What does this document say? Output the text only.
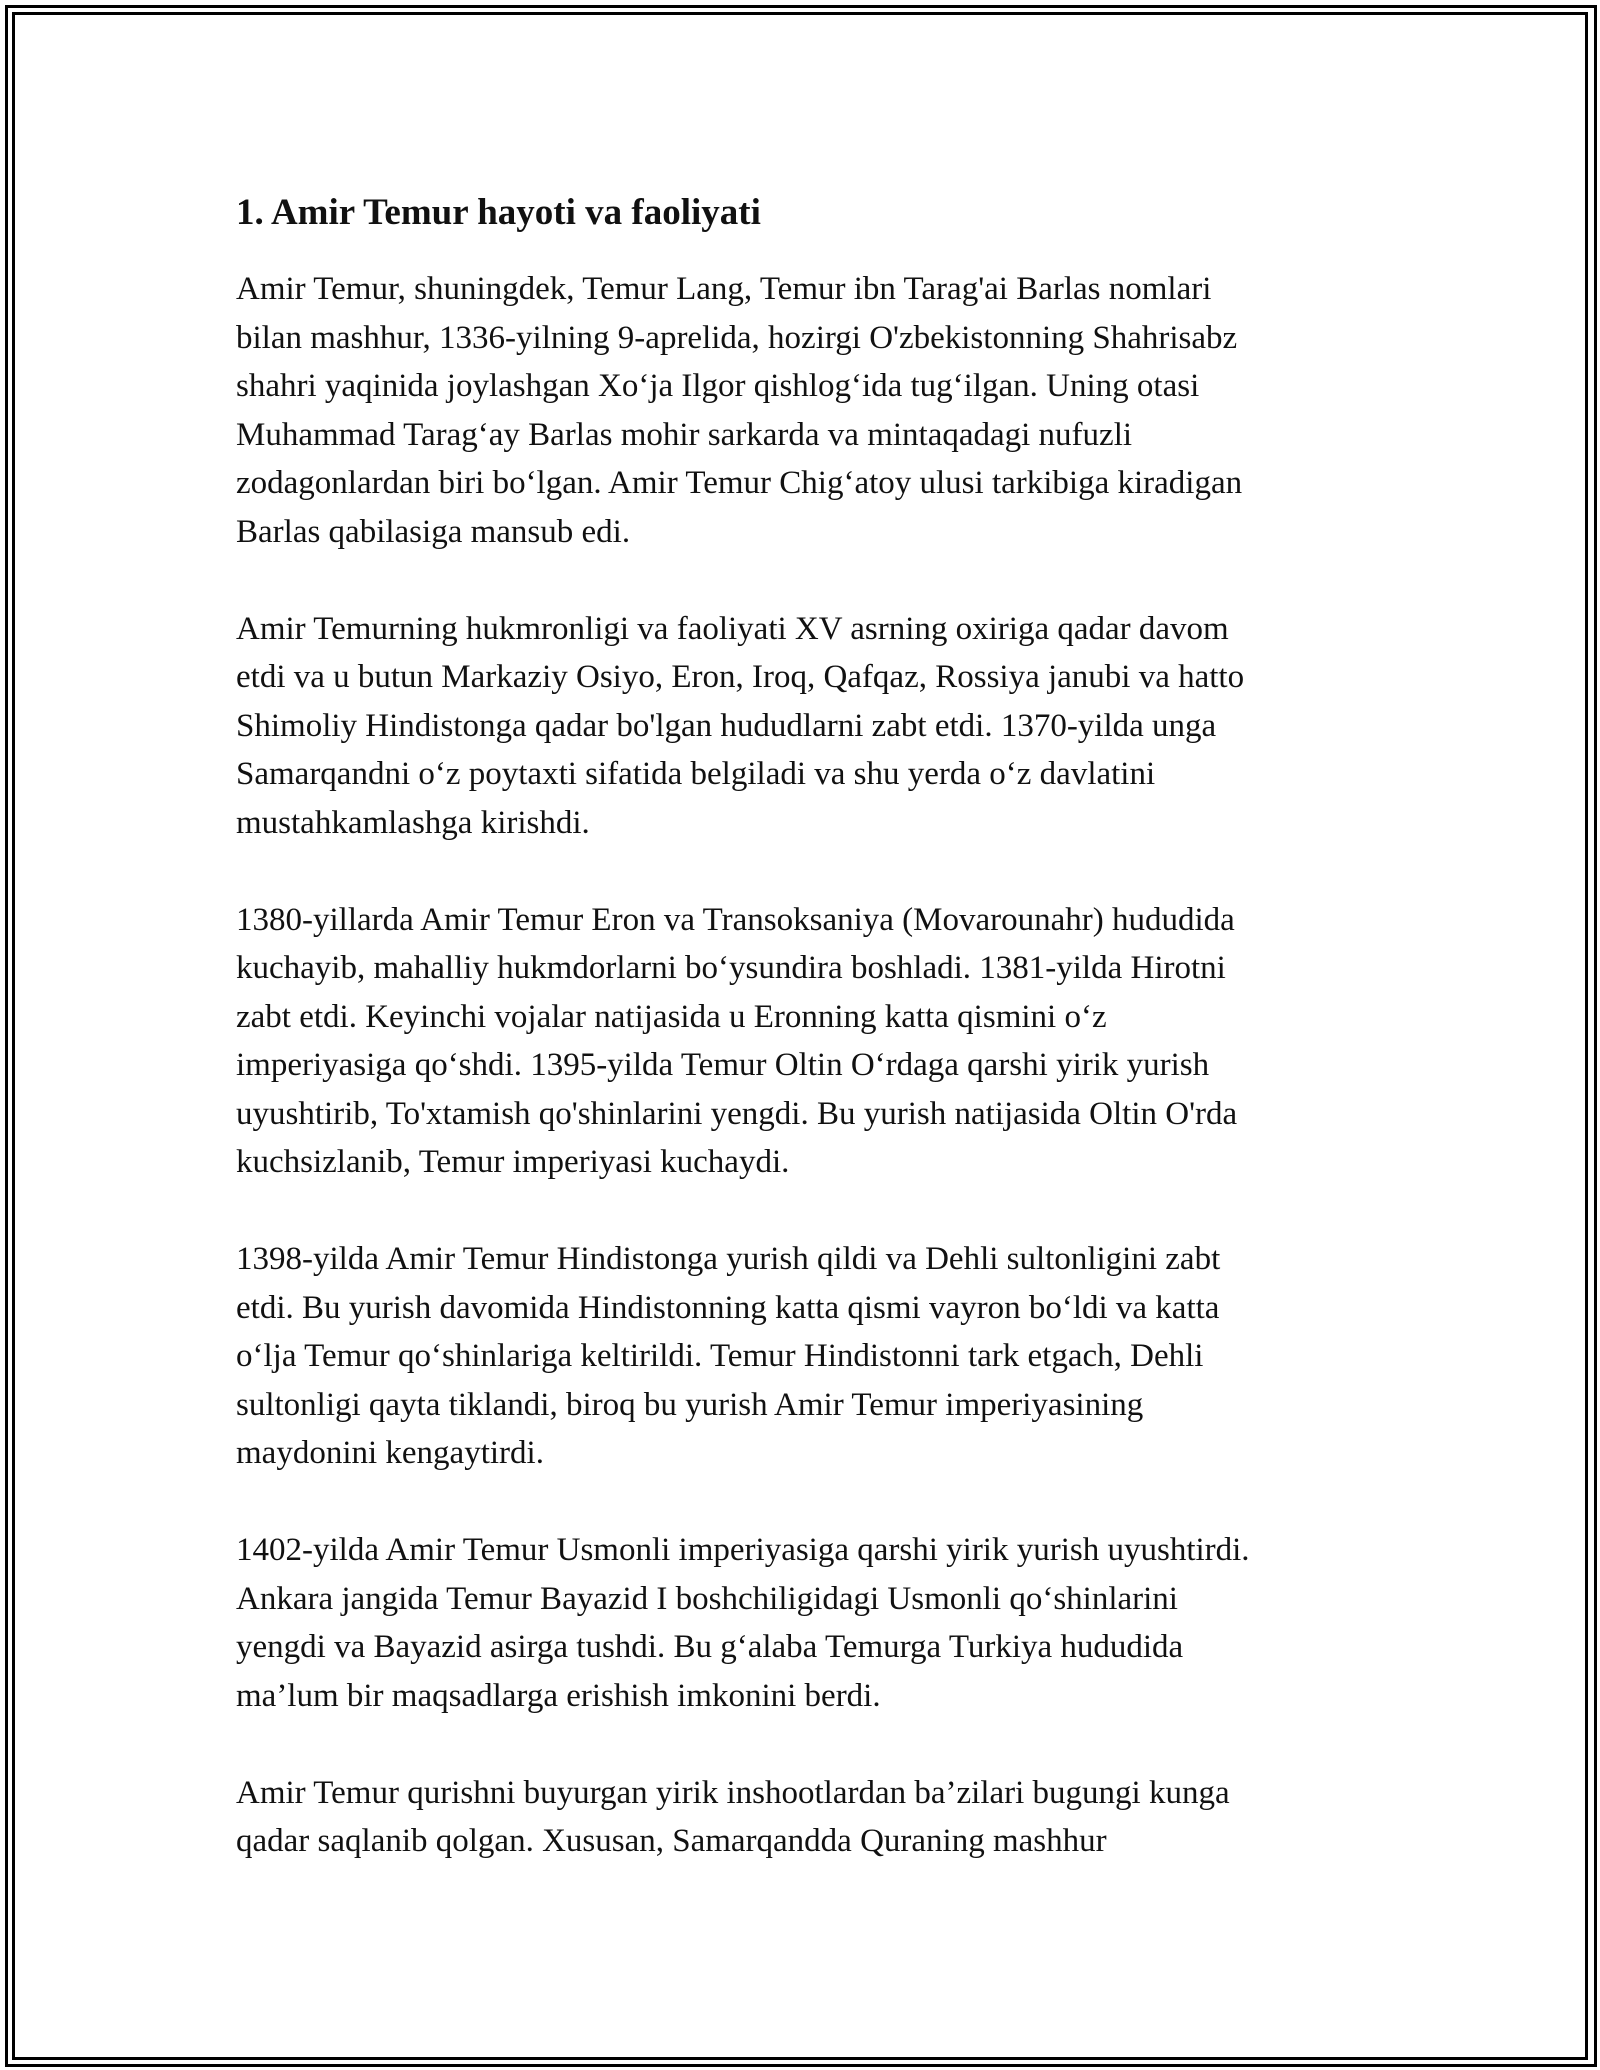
1. Amir Temur hayoti va faoliyati

Amir Temur, shuningdek, Temur Lang, Temur ibn Tarag'ai Barlas nomlari
bilan mashhur, 1336-yilning 9-aprelida, hozirgi O'zbekistonning Shahrisabz
shahri yaqinida joylashgan Xo‘ja Ilgor qishlog‘ida tug‘ilgan. Uning otasi
Muhammad Tarag‘ay Barlas mohir sarkarda va mintaqadagi nufuzli
zodagonlardan biri bo‘lgan. Amir Temur Chig‘atoy ulusi tarkibiga kiradigan
Barlas qabilasiga mansub edi.

Amir Temurning hukmronligi va faoliyati XV asrning oxiriga qadar davom
etdi va u butun Markaziy Osiyo, Eron, Iroq, Qafqaz, Rossiya janubi va hatto
Shimoliy Hindistonga qadar bo'lgan hududlarni zabt etdi. 1370-yilda unga
Samarqandni o‘z poytaxti sifatida belgiladi va shu yerda o‘z davlatini
mustahkamlashga kirishdi.

1380-yillarda Amir Temur Eron va Transoksaniya (Movarounahr) hududida
kuchayib, mahalliy hukmdorlarni bo‘ysundira boshladi. 1381-yilda Hirotni
zabt etdi. Keyinchi vojalar natijasida u Eronning katta qismini o‘z
imperiyasiga qo‘shdi. 1395-yilda Temur Oltin O‘rdaga qarshi yirik yurish
uyushtirib, To'xtamish qo'shinlarini yengdi. Bu yurish natijasida Oltin O'rda
kuchsizlanib, Temur imperiyasi kuchaydi.

1398-yilda Amir Temur Hindistonga yurish qildi va Dehli sultonligini zabt
etdi. Bu yurish davomida Hindistonning katta qismi vayron bo‘ldi va katta
o‘lja Temur qo‘shinlariga keltirildi. Temur Hindistonni tark etgach, Dehli
sultonligi qayta tiklandi, biroq bu yurish Amir Temur imperiyasining
maydonini kengaytirdi.

1402-yilda Amir Temur Usmonli imperiyasiga qarshi yirik yurish uyushtirdi.
Ankara jangida Temur Bayazid I boshchiligidagi Usmonli qo‘shinlarini
yengdi va Bayazid asirga tushdi. Bu g‘alaba Temurga Turkiya hududida
ma’lum bir maqsadlarga erishish imkonini berdi.

Amir Temur qurishni buyurgan yirik inshootlardan ba’zilari bugungi kunga
qadar saqlanib qolgan. Xususan, Samarqandda Quraning mashhur
